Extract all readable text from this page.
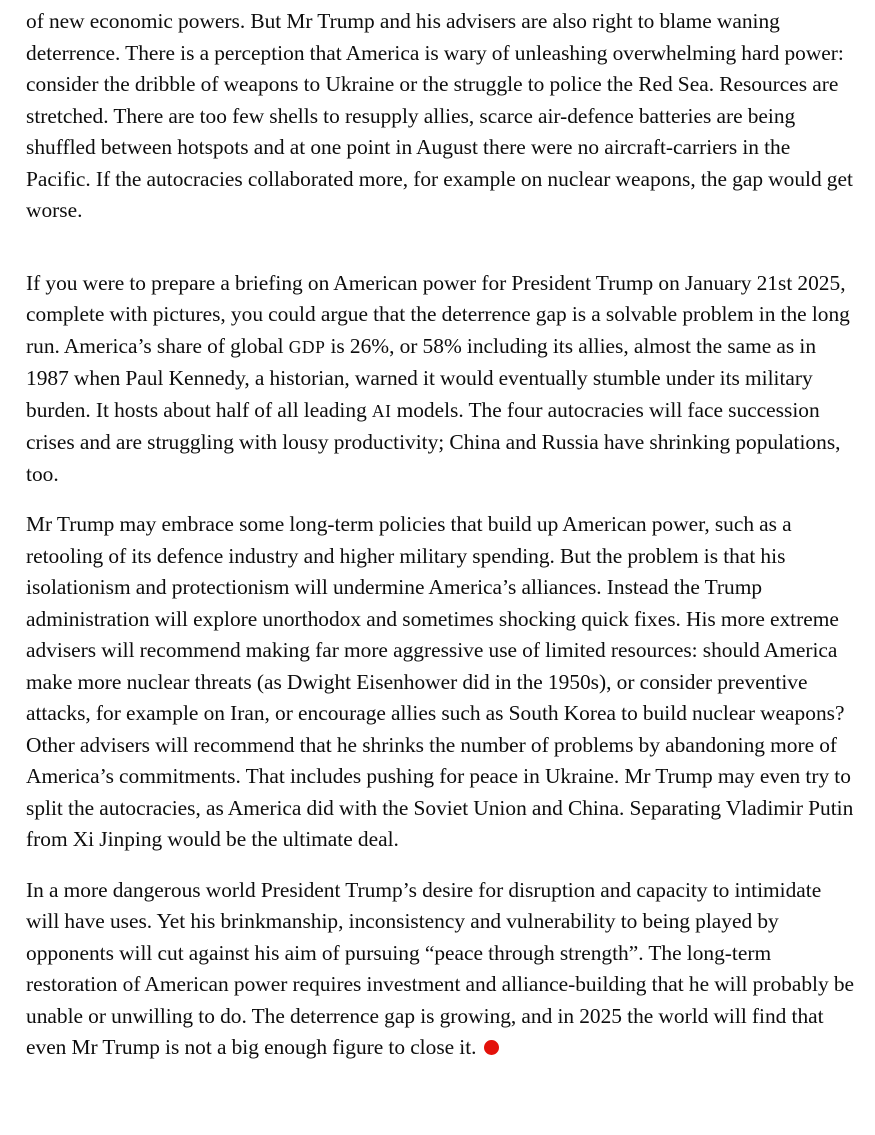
of new economic powers. But Mr Trump and his advisers are also right to blame waning deterrence. There is a perception that America is wary of unleashing overwhelming hard power: consider the dribble of weapons to Ukraine or the struggle to police the Red Sea. Resources are stretched. There are too few shells to resupply allies, scarce air-defence batteries are being shuffled between hotspots and at one point in August there were no aircraft-carriers in the Pacific. If the autocracies collaborated more, for example on nuclear weapons, the gap would get worse.

If you were to prepare a briefing on American power for President Trump on January 21st 2025, complete with pictures, you could argue that the deterrence gap is a solvable problem in the long run. America’s share of global GDP is 26%, or 58% including its allies, almost the same as in 1987 when Paul Kennedy, a historian, warned it would eventually stumble under its military burden. It hosts about half of all leading AI models. The four autocracies will face succession crises and are struggling with lousy productivity; China and Russia have shrinking populations, too.

Mr Trump may embrace some long-term policies that build up American power, such as a retooling of its defence industry and higher military spending. But the problem is that his isolationism and protectionism will undermine America’s alliances. Instead the Trump administration will explore unorthodox and sometimes shocking quick fixes. His more extreme advisers will recommend making far more aggressive use of limited resources: should America make more nuclear threats (as Dwight Eisenhower did in the 1950s), or consider preventive attacks, for example on Iran, or encourage allies such as South Korea to build nuclear weapons? Other advisers will recommend that he shrinks the number of problems by abandoning more of America’s commitments. That includes pushing for peace in Ukraine. Mr Trump may even try to split the autocracies, as America did with the Soviet Union and China. Separating Vladimir Putin from Xi Jinping would be the ultimate deal.

In a more dangerous world President Trump’s desire for disruption and capacity to intimidate will have uses. Yet his brinkmanship, inconsistency and vulnerability to being played by opponents will cut against his aim of pursuing “peace through strength”. The long-term restoration of American power requires investment and alliance-building that he will probably be unable or unwilling to do. The deterrence gap is growing, and in 2025 the world will find that even Mr Trump is not a big enough figure to close it.
